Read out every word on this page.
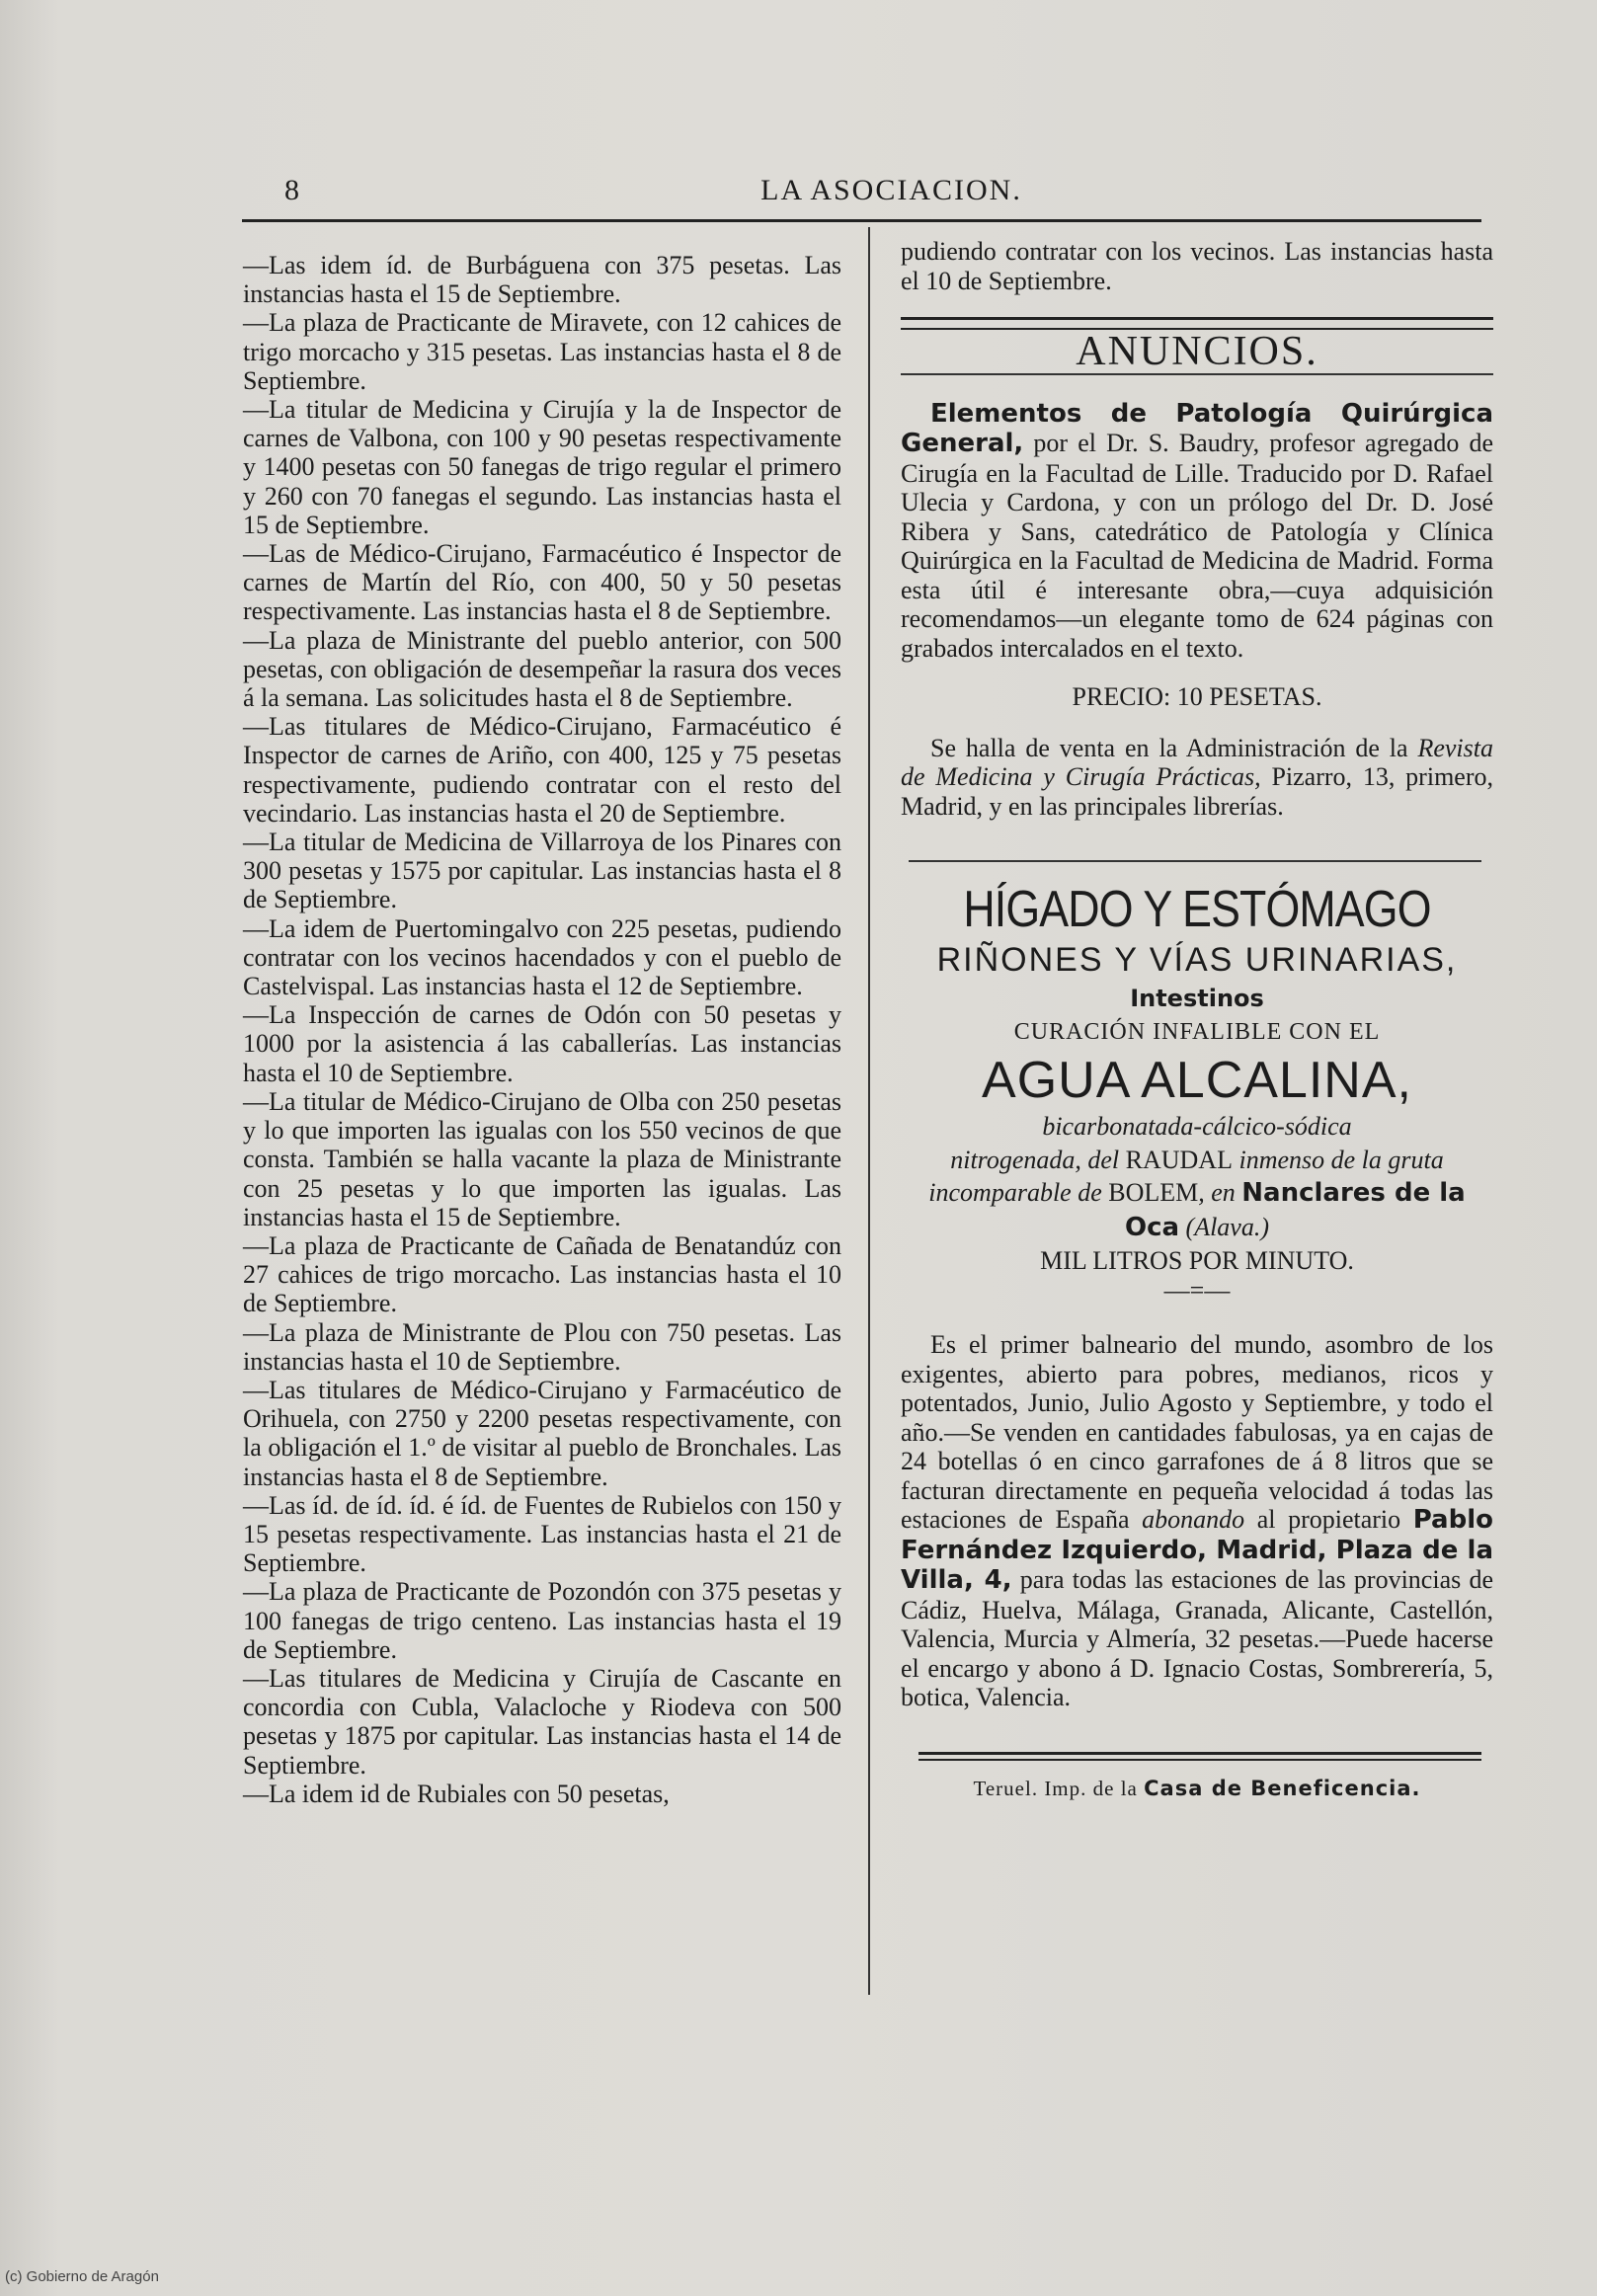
8	LA ASOCIACION.

—Las idem íd. de Burbáguena con 375 pesetas. Las instancias hasta el 15 de Septiembre.

—La plaza de Practicante de Miravete, con 12 cahices de trigo morcacho y 315 pesetas. Las instancias hasta el 8 de Septiembre.

—La titular de Medicina y Cirujía y la de Inspector de carnes de Valbona, con 100 y 90 pesetas respectivamente y 1400 pesetas con 50 fanegas de trigo regular el primero y 260 con 70 fanegas el segundo. Las instancias hasta el 15 de Septiembre.

—Las de Médico-Cirujano, Farmacéutico é Inspector de carnes de Martín del Río, con 400, 50 y 50 pesetas respectivamente. Las instancias hasta el 8 de Septiembre.

—La plaza de Ministrante del pueblo anterior, con 500 pesetas, con obligación de desempeñar la rasura dos veces á la semana. Las solicitudes hasta el 8 de Septiembre.

—Las titulares de Médico-Cirujano, Farmacéutico é Inspector de carnes de Ariño, con 400, 125 y 75 pesetas respectivamente, pudiendo contratar con el resto del vecindario. Las instancias hasta el 20 de Septiembre.

—La titular de Medicina de Villarroya de los Pinares con 300 pesetas y 1575 por capitular. Las instancias hasta el 8 de Septiembre.

—La idem de Puertomingalvo con 225 pesetas, pudiendo contratar con los vecinos hacendados y con el pueblo de Castelvispal. Las instancias hasta el 12 de Septiembre.

—La Inspección de carnes de Odón con 50 pesetas y 1000 por la asistencia á las caballerías. Las instancias hasta el 10 de Septiembre.

—La titular de Médico-Cirujano de Olba con 250 pesetas y lo que importen las igualas con los 550 vecinos de que consta. También se halla vacante la plaza de Ministrante con 25 pesetas y lo que importen las igualas. Las instancias hasta el 15 de Septiembre.

—La plaza de Practicante de Cañada de Benatandúz con 27 cahices de trigo morcacho. Las instancias hasta el 10 de Septiembre.

—La plaza de Ministrante de Plou con 750 pesetas. Las instancias hasta el 10 de Septiembre.

—Las titulares de Médico-Cirujano y Farmacéutico de Orihuela, con 2750 y 2200 pesetas respectivamente, con la obligación el 1.º de visitar al pueblo de Bronchales. Las instancias hasta el 8 de Septiembre.

—Las íd. de íd. íd. é íd. de Fuentes de Rubielos con 150 y 15 pesetas respectivamente. Las instancias hasta el 21 de Septiembre.

—La plaza de Practicante de Pozondón con 375 pesetas y 100 fanegas de trigo centeno. Las instancias hasta el 19 de Septiembre.

—Las titulares de Medicina y Cirujía de Cascante en concordia con Cubla, Valacloche y Riodeva con 500 pesetas y 1875 por capitular. Las instancias hasta el 14 de Septiembre.

—La idem id de Rubiales con 50 pesetas,

pudiendo contratar con los vecinos. Las instancias hasta el 10 de Septiembre.

ANUNCIOS.

Elementos de Patología Quirúrgica General, por el Dr. S. Baudry, profesor agregado de Cirugía en la Facultad de Lille. Traducido por D. Rafael Ulecia y Cardona, y con un prólogo del Dr. D. José Ribera y Sans, catedrático de Patología y Clínica Quirúrgica en la Facultad de Medicina de Madrid. Forma esta útil é interesante obra,—cuya adquisición recomendamos—un elegante tomo de 624 páginas con grabados intercalados en el texto.

PRECIO: 10 PESETAS.

Se halla de venta en la Administración de la Revista de Medicina y Cirugía Prácticas, Pizarro, 13, primero, Madrid, y en las principales librerías.

HÍGADO Y ESTÓMAGO
RIÑONES Y VÍAS URINARIAS,

Intestinos

CURACIÓN INFALIBLE CON EL

AGUA ALCALINA,

bicarbonatada-cálcico-sódica

nitrogenada, del RAUDAL inmenso de la gruta

incomparable de BOLEM, en Nanclares de la

Oca (Alava.)

MIL LITROS POR MINUTO.

—=—

Es el primer balneario del mundo, asombro de los exigentes, abierto para pobres, medianos, ricos y potentados, Junio, Julio Agosto y Septiembre, y todo el año.—Se venden en cantidades fabulosas, ya en cajas de 24 botellas ó en cinco garrafones de á 8 litros que se facturan directamente en pequeña velocidad á todas las estaciones de España abonando al propietario Pablo Fernández Izquierdo, Madrid, Plaza de la Villa, 4, para todas las estaciones de las provincias de Cádiz, Huelva, Málaga, Granada, Alicante, Castellón, Valencia, Murcia y Almería, 32 pesetas.—Puede hacerse el encargo y abono á D. Ignacio Costas, Sombrerería, 5, botica, Valencia.

Teruel. Imp. de la Casa de Beneficencia.

(c) Gobierno de Aragón
